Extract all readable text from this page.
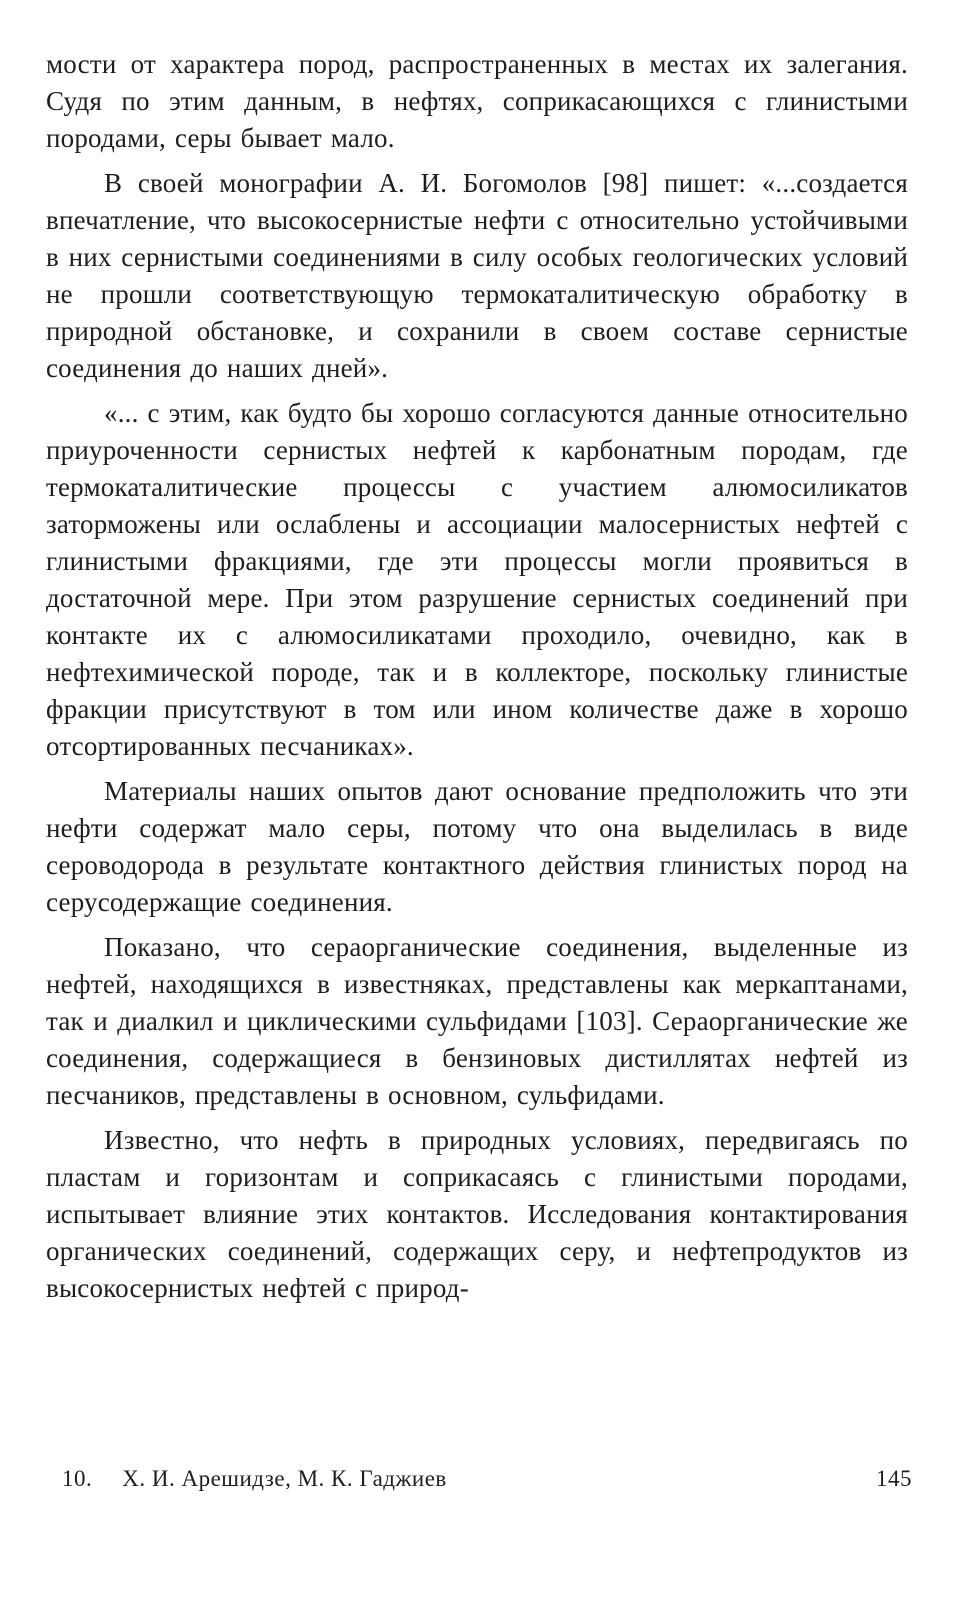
мости от характера пород, распространенных в местах их залегания. Судя по этим данным, в нефтях, соприкасающихся с глинистыми породами, серы бывает мало.

В своей монографии А. И. Богомолов [98] пишет: «...создается впечатление, что высокосернистые нефти с относительно устойчивыми в них сернистыми соединениями в силу особых геологических условий не прошли соответствующую термокаталитическую обработку в природной обстановке, и сохранили в своем составе сернистые соединения до наших дней».

«... с этим, как будто бы хорошо согласуются данные относительно приуроченности сернистых нефтей к карбонатным породам, где термокаталитические процессы с участием алюмосиликатов заторможены или ослаблены и ассоциации малосернистых нефтей с глинистыми фракциями, где эти процессы могли проявиться в достаточной мере. При этом разрушение сернистых соединений при контакте их с алюмосиликатами проходило, очевидно, как в нефтехимической породе, так и в коллекторе, поскольку глинистые фракции присутствуют в том или ином количестве даже в хорошо отсортированных песчаниках».

Материалы наших опытов дают основание предположить что эти нефти содержат мало серы, потому что она выделилась в виде сероводорода в результате контактного действия глинистых пород на серусодержащие соединения.

Показано, что сераорганические соединения, выделенные из нефтей, находящихся в известняках, представлены как меркаптанами, так и диалкил и циклическими сульфидами [103]. Сераорганические же соединения, содержащиеся в бензиновых дистиллятах нефтей из песчаников, представлены в основном, сульфидами.

Известно, что нефть в природных условиях, передвигаясь по пластам и горизонтам и соприкасаясь с глинистыми породами, испытывает влияние этих контактов. Исследования контактирования органических соединений, содержащих серу, и нефтепродуктов из высокосернистых нефтей с природ-

10. Х. И. Арешидзе, М. К. Гаджиев	145
